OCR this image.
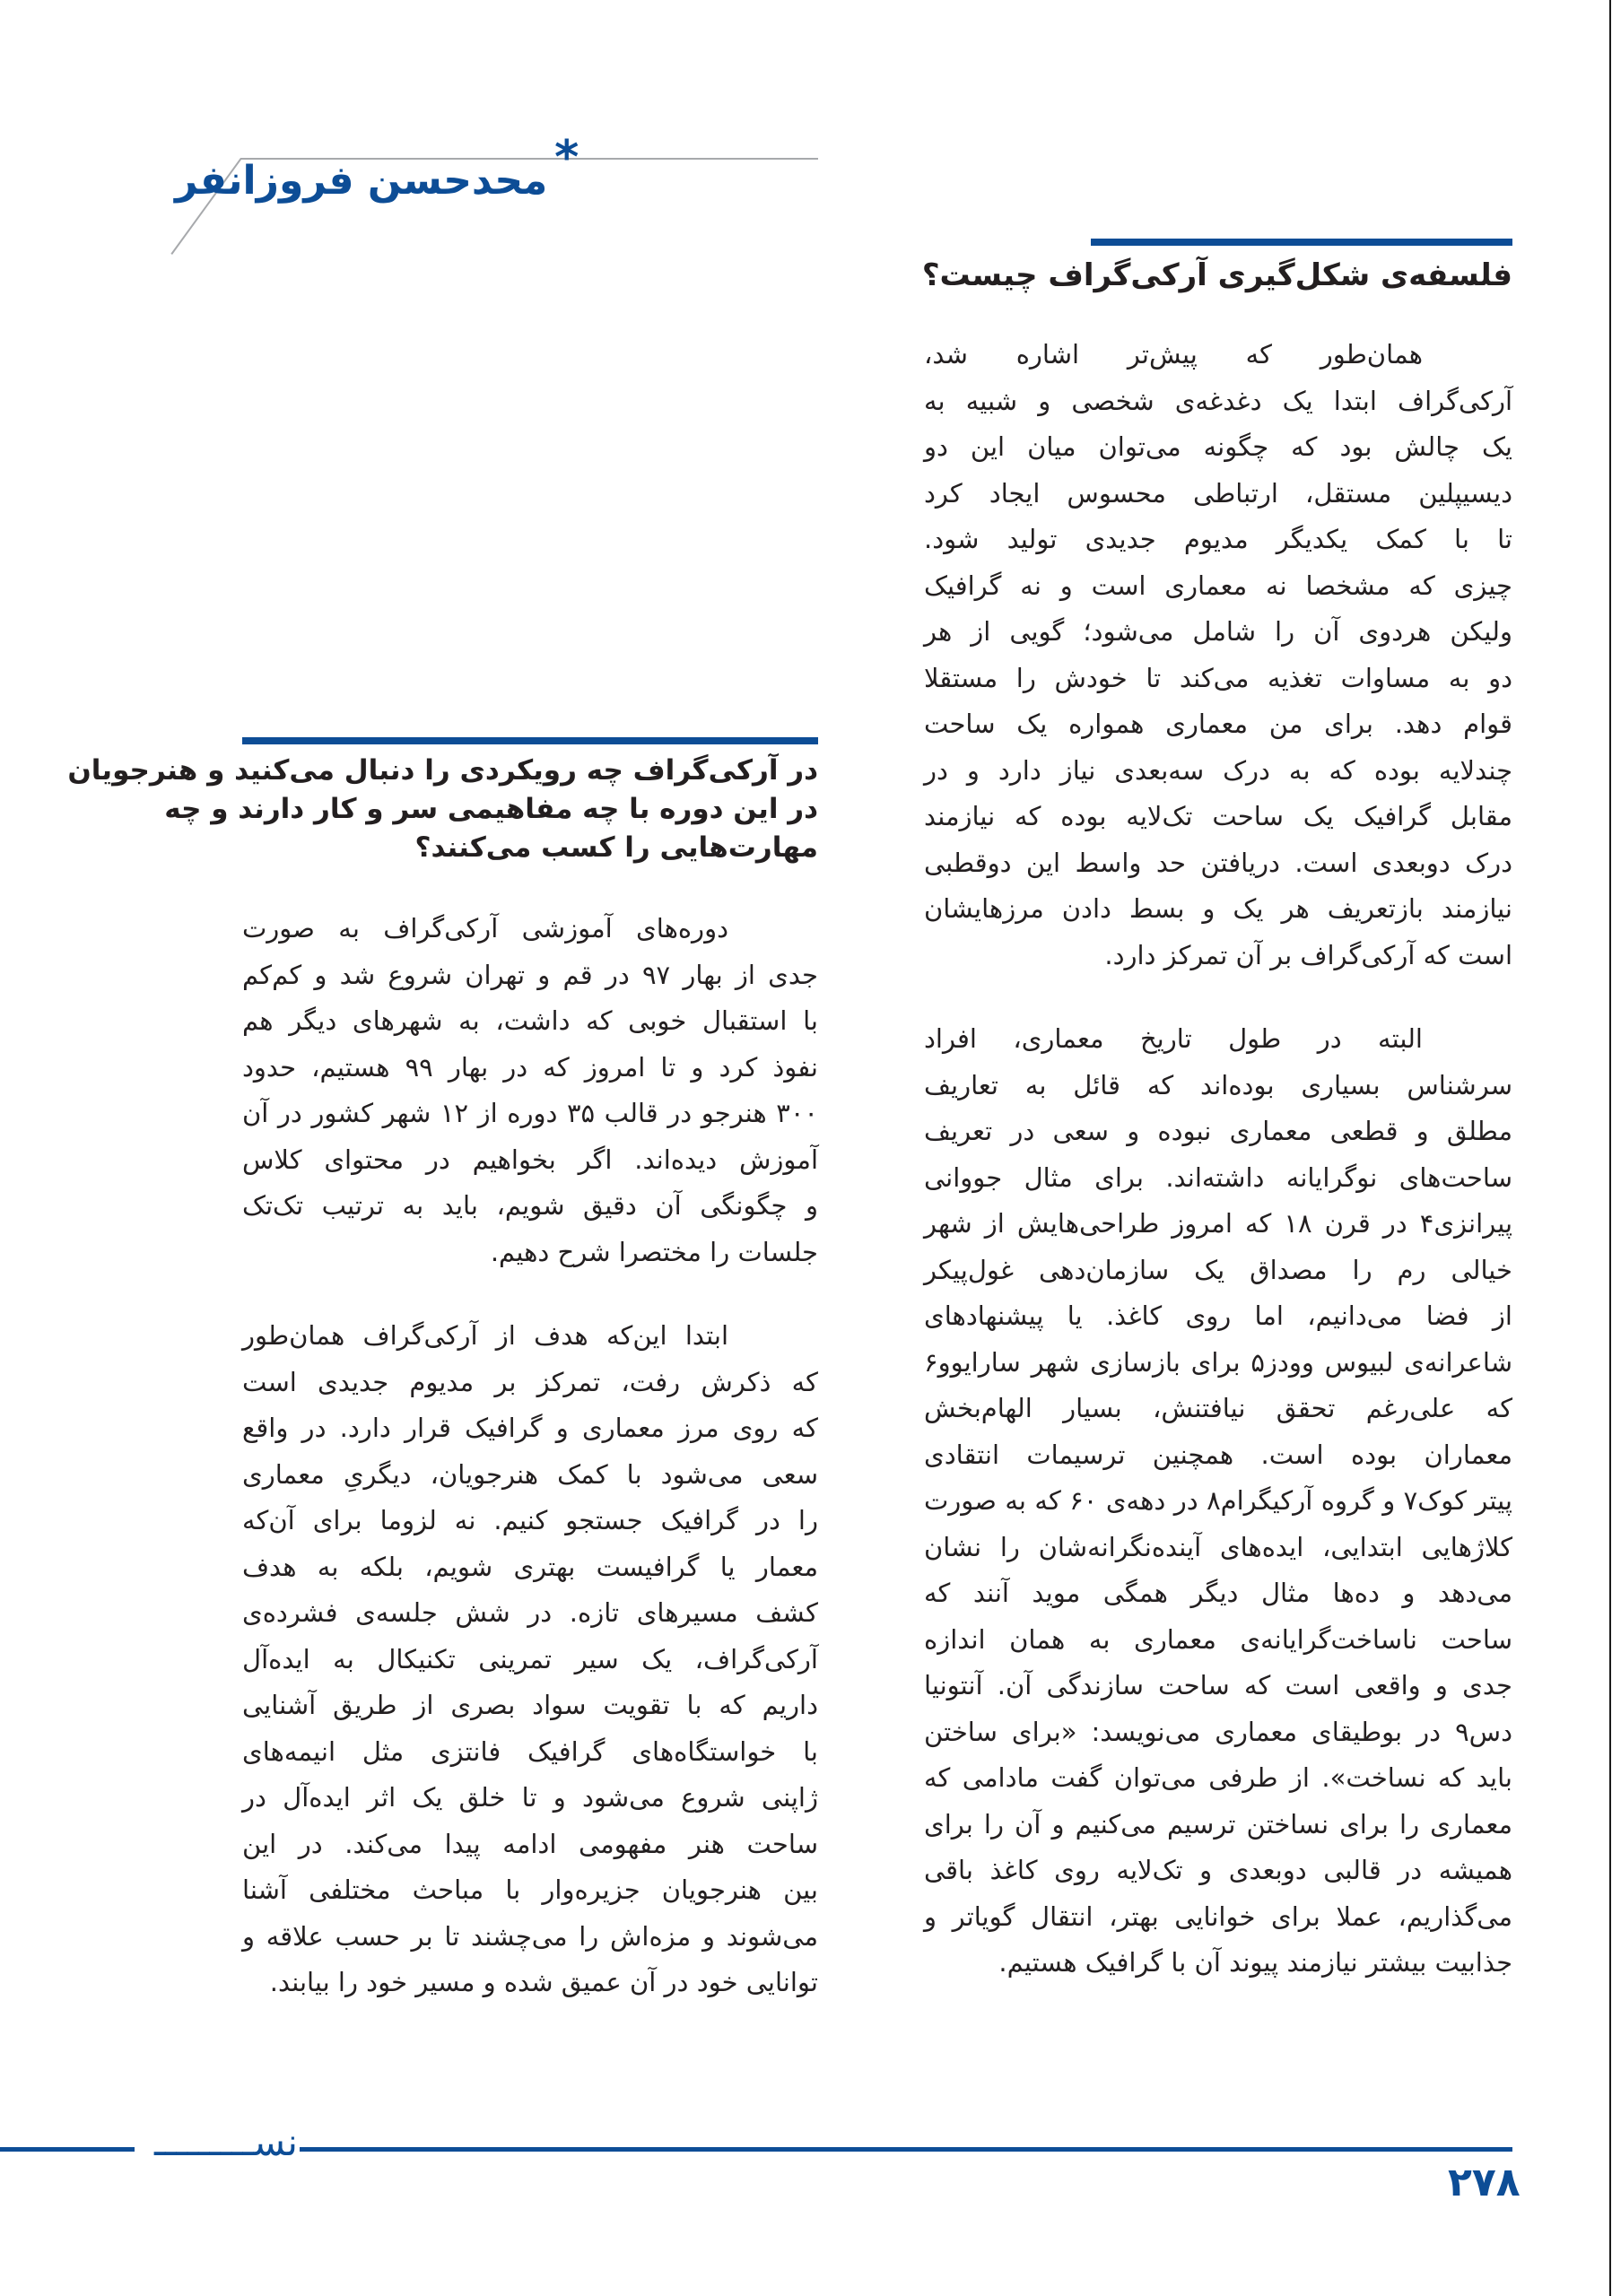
محدحسن فروزانفر *
فلسفه‌ی شکل‌گیری آرکی‌گراف چیست؟
همان‌طور که پیش‌تر اشاره شد،
آرکی‌گراف ابتدا یک دغدغه‌ی شخصی و شبیه به
یک چالش بود که چگونه می‌توان میان این دو
دیسیپلین مستقل، ارتباطی محسوس ایجاد کرد
تا با کمک یکدیگر مدیوم جدیدی تولید شود.
چیزی که مشخصا نه معماری است و نه گرافیک
ولیکن هردوی آن را شامل می‌شود؛ گویی از هر
دو به مساوات تغذیه می‌کند تا خودش را مستقلا
قوام دهد. برای من معماری همواره یک ساحت
چندلایه بوده که به درک سه‌بعدی نیاز دارد و در
مقابل گرافیک یک ساحت تک‌لایه بوده که نیازمند
درک دوبعدی است. دریافتن حد واسط این دوقطبی
نیازمند بازتعریف هر یک و بسط دادن مرزهایشان
است که آرکی‌گراف بر آن تمرکز دارد.
البته در طول تاریخ معماری، افراد
سرشناس بسیاری بوده‌اند که قائل به تعاریف
مطلق و قطعی معماری نبوده و سعی در تعریف
ساحت‌های نوگرایانه داشته‌اند. برای مثال جووانی
پیرانزی۴ در قرن ۱۸ که امروز طراحی‌هایش از شهر
خیالی رم را مصداق یک سازمان‌دهی غول‌پیکر
از فضا می‌دانیم، اما روی کاغذ. یا پیشنهادهای
شاعرانه‌ی لبیوس وودز۵ برای بازسازی شهر سارایوو۶
که علی‌رغم تحقق نیافتنش، بسیار الهام‌بخش
معماران بوده است. همچنین ترسیمات انتقادی
پیتر کوک۷ و گروه آرکیگرام۸ در دهه‌ی ۶۰ که به صورت
کلاژهایی ابتدایی، ایده‌های آینده‌نگرانه‌شان را نشان
می‌دهد و ده‌ها مثال دیگر همگی موید آنند که
ساحت ناساخت‌گرایانه‌ی معماری به همان اندازه
جدی و واقعی است که ساحت سازندگی آن. آنتونیا
دس۹ در بوطیقای معماری می‌نویسد: «برای ساختن
باید که نساخت». از طرفی می‌توان گفت مادامی که
معماری را برای نساختن ترسیم می‌کنیم و آن را برای
همیشه در قالبی دوبعدی و تک‌لایه روی کاغذ باقی
می‌گذاریم، عملا برای خوانایی بهتر، انتقال گویاتر و
جذابیت بیشتر نیازمند پیوند آن با گرافیک هستیم.
در آرکی‌گراف چه رویکردی را دنبال می‌کنید و هنرجویان
در این دوره با چه مفاهیمی سر و کار دارند و چه
مهارت‌هایی را کسب می‌کنند؟
دوره‌های آموزشی آرکی‌گراف به صورت
جدی از بهار ۹۷ در قم و تهران شروع شد و کم‌کم
با استقبال خوبی که داشت، به شهرهای دیگر هم
نفوذ کرد و تا امروز که در بهار ۹۹ هستیم، حدود
۳۰۰ هنرجو در قالب ۳۵ دوره از ۱۲ شهر کشور در آن
آموزش دیده‌اند. اگر بخواهیم در محتوای کلاس
و چگونگی آن دقیق شویم، باید به ترتیب تک‌تک
جلسات را مختصرا شرح دهیم.
ابتدا این‌که هدف از آرکی‌گراف همان‌طور
که ذکرش رفت، تمرکز بر مدیوم جدیدی است
که روی مرز معماری و گرافیک قرار دارد. در واقع
سعی می‌شود با کمک هنرجویان، دیگریِ معماری
را در گرافیک جستجو کنیم. نه لزوما برای آن‌که
معمار یا گرافیست بهتری شویم، بلکه به هدف
کشف مسیرهای تازه. در شش جلسه‌ی فشرده‌ی
آرکی‌گراف، یک سیر تمرینی تکنیکال به ایده‌آل
داریم که با تقویت سواد بصری از طریق آشنایی
با خواستگاه‌های گرافیک فانتزی مثل انیمه‌های
ژاپنی شروع می‌شود و تا خلق یک اثر ایده‌آل در
ساحت هنر مفهومی ادامه پیدا می‌کند. در این
بین هنرجویان جزیره‌وار با مباحث مختلفی آشنا
می‌شوند و مزه‌اش را می‌چشند تا بر حسب علاقه و
توانایی خود در آن عمیق شده و مسیر خود را بیابند.
نســـــــــ
۲۷۸
